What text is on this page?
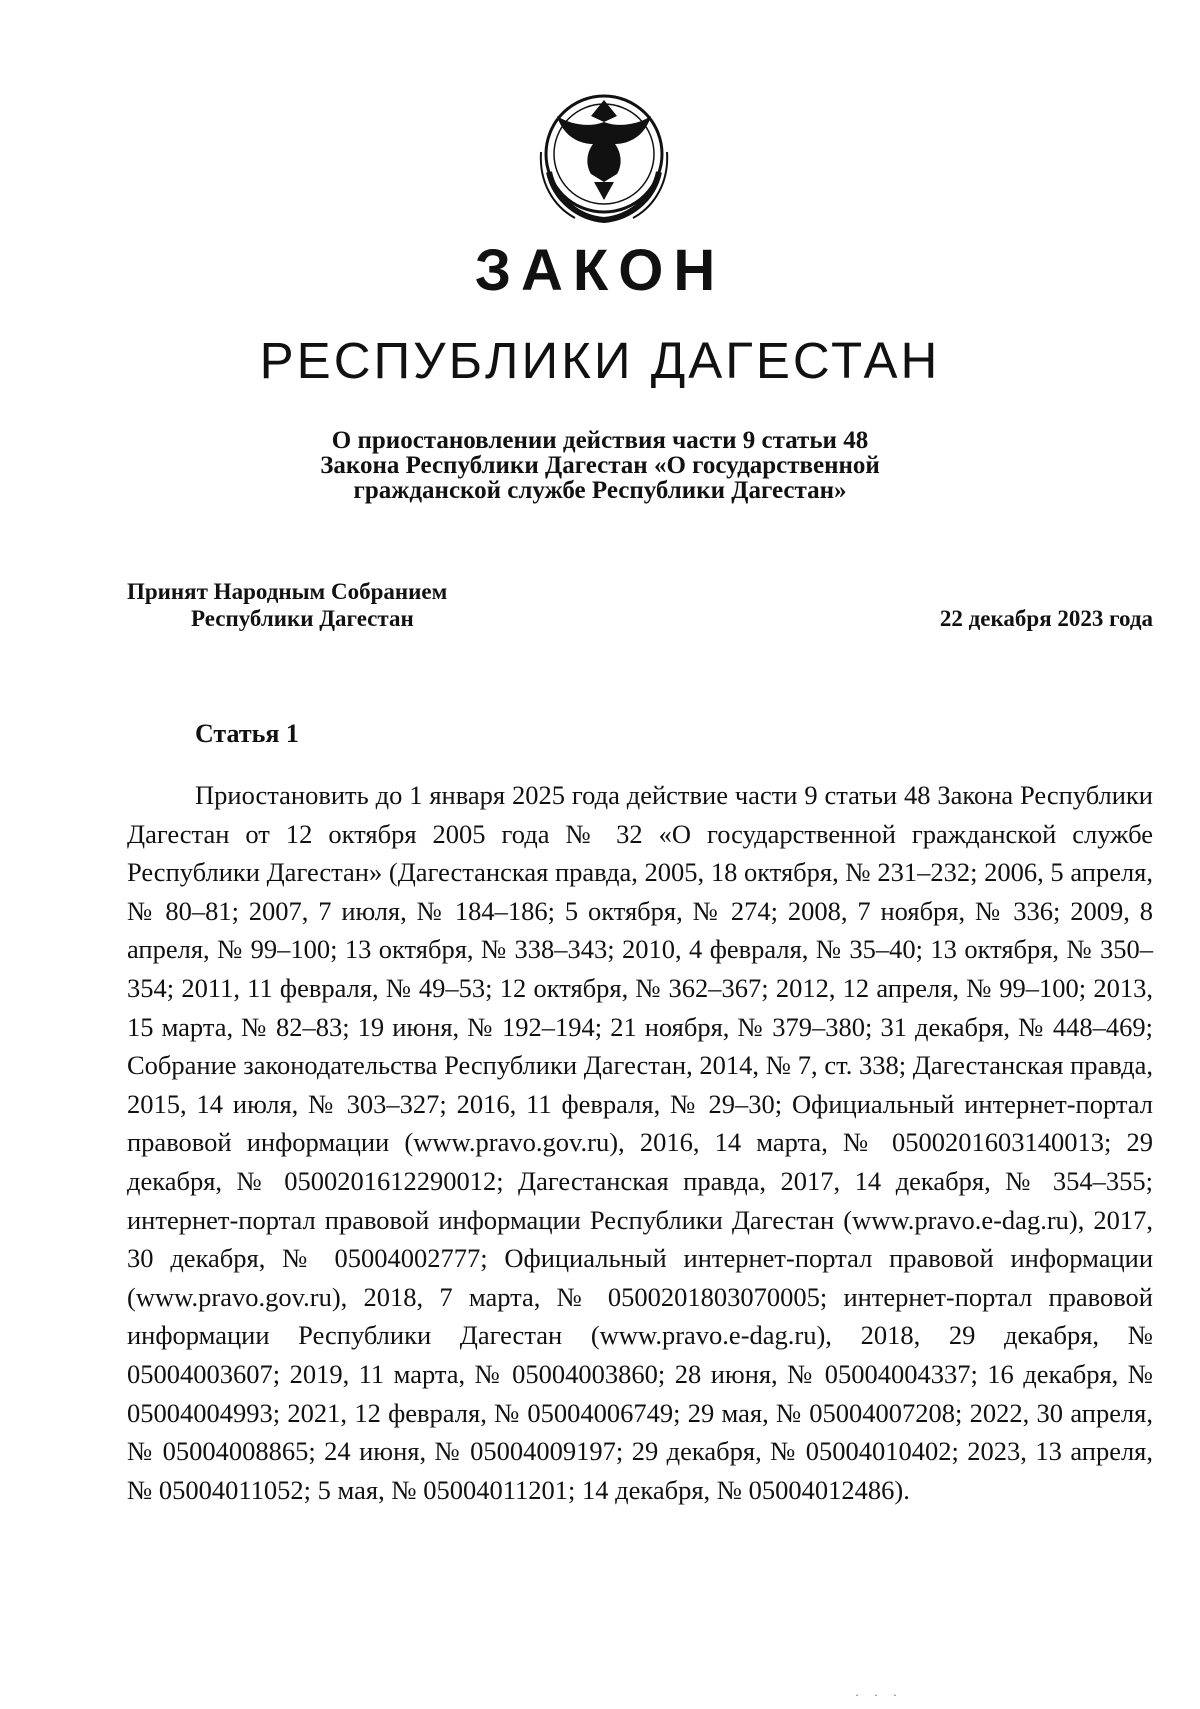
ЗАКОН
РЕСПУБЛИКИ ДАГЕСТАН
О приостановлении действия части 9 статьи 48
Закона Республики Дагестан «О государственной
гражданской службе Республики Дагестан»
Принят Народным Собранием
Республики Дагестан	22 декабря 2023 года
Статья 1
Приостановить до 1 января 2025 года действие части 9 статьи 48 Закона Республики Дагестан от 12 октября 2005 года № 32 «О государственной гражданской службе Республики Дагестан» (Дагестанская правда, 2005, 18 октября, № 231–232; 2006, 5 апреля, № 80–81; 2007, 7 июля, № 184–186; 5 октября, № 274; 2008, 7 ноября, № 336; 2009, 8 апреля, № 99–100; 13 октября, № 338–343; 2010, 4 февраля, № 35–40; 13 октября, № 350–354; 2011, 11 февраля, № 49–53; 12 октября, № 362–367; 2012, 12 апреля, № 99–100; 2013, 15 марта, № 82–83; 19 июня, № 192–194; 21 ноября, № 379–380; 31 декабря, № 448–469; Собрание законодательства Республики Дагестан, 2014, № 7, ст. 338; Дагестанская правда, 2015, 14 июля, № 303–327; 2016, 11 февраля, № 29–30; Официальный интернет-портал правовой информации (www.pravo.gov.ru), 2016, 14 марта, № 0500201603140013; 29 декабря, № 0500201612290012; Дагестанская правда, 2017, 14 декабря, № 354–355; интернет-портал правовой информации Республики Дагестан (www.pravo.e-dag.ru), 2017, 30 декабря, № 05004002777; Официальный интернет-портал правовой информации (www.pravo.gov.ru), 2018, 7 марта, № 0500201803070005; интернет-портал правовой информации Республики Дагестан (www.pravo.e-dag.ru), 2018, 29 декабря, № 05004003607; 2019, 11 марта, № 05004003860; 28 июня, № 05004004337; 16 декабря, № 05004004993; 2021, 12 февраля, № 05004006749; 29 мая, № 05004007208; 2022, 30 апреля, № 05004008865; 24 июня, № 05004009197; 29 декабря, № 05004010402; 2023, 13 апреля, № 05004011052; 5 мая, № 05004011201; 14 декабря, № 05004012486).
· · ·
